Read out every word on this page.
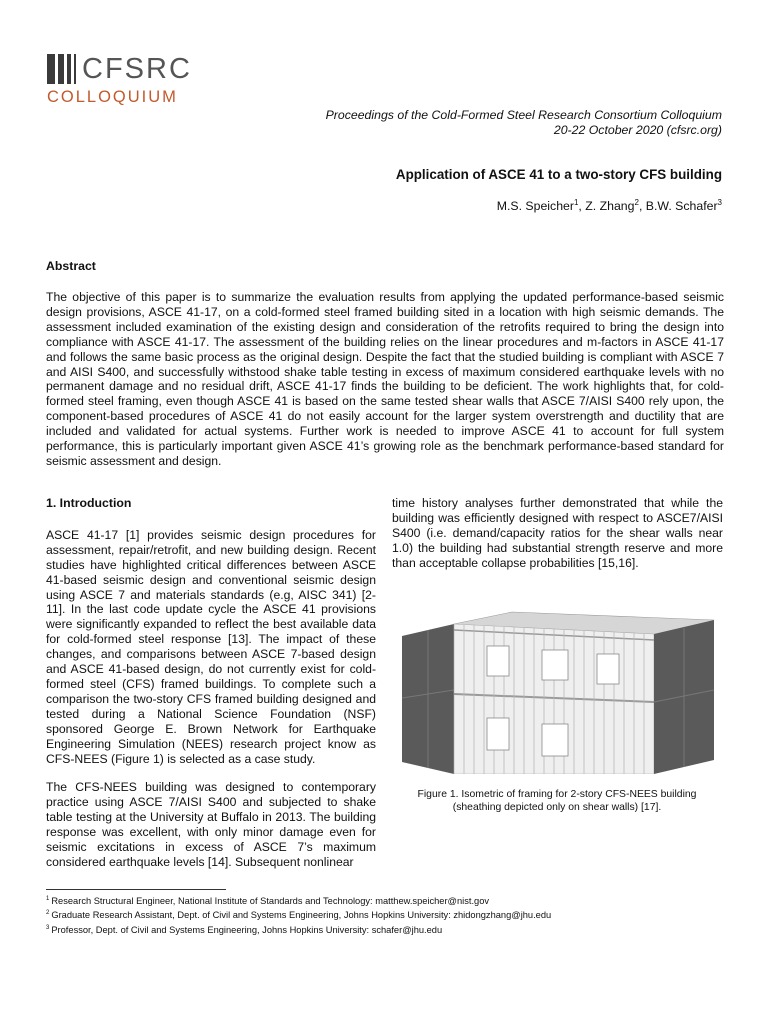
CFSRC
COLLOQUIUM
Proceedings of the Cold-Formed Steel Research Consortium Colloquium
20-22 October 2020 (cfsrc.org)
Application of ASCE 41 to a two-story CFS building
M.S. Speicher$^1$, Z. Zhang$^2$, B.W. Schafer$^3$
Abstract

The objective of this paper is to summarize the evaluation results from applying the updated performance-based seismic design provisions, ASCE 41-17, on a cold-formed steel framed building sited in a location with high seismic demands. The assessment included examination of the existing design and consideration of the retrofits required to bring the design into compliance with ASCE 41-17. The assessment of the building relies on the linear procedures and m-factors in ASCE 41-17 and follows the same basic process as the original design. Despite the fact that the studied building is compliant with ASCE 7 and AISI S400, and successfully withstood shake table testing in excess of maximum considered earthquake levels with no permanent damage and no residual drift, ASCE 41-17 finds the building to be deficient. The work highlights that, for cold-formed steel framing, even though ASCE 41 is based on the same tested shear walls that ASCE 7/AISI S400 rely upon, the component-based procedures of ASCE 41 do not easily account for the larger system overstrength and ductility that are included and validated for actual systems. Further work is needed to improve ASCE 41 to account for full system performance, this is particularly important given ASCE 41’s growing role as the benchmark performance-based standard for seismic assessment and design.

1. Introduction

ASCE 41-17 [1] provides seismic design procedures for assessment, repair/retrofit, and new building design. Recent studies have highlighted critical differences between ASCE 41-based seismic design and conventional seismic design using ASCE 7 and materials standards (e.g, AISC 341) [2-11]. In the last code update cycle the ASCE 41 provisions were significantly expanded to reflect the best available data for cold-formed steel response [13]. The impact of these changes, and comparisons between ASCE 7-based design and ASCE 41-based design, do not currently exist for cold-formed steel (CFS) framed buildings. To complete such a comparison the two-story CFS framed building designed and tested during a National Science Foundation (NSF) sponsored George E. Brown Network for Earthquake Engineering Simulation (NEES) research project know as CFS-NEES (Figure 1) is selected as a case study.

The CFS-NEES building was designed to contemporary practice using ASCE 7/AISI S400 and subjected to shake table testing at the University at Buffalo in 2013. The building response was excellent, with only minor damage even for seismic excitations in excess of ASCE 7’s maximum considered earthquake levels [14]. Subsequent nonlinear

time history analyses further demonstrated that while the building was efficiently designed with respect to ASCE7/AISI S400 (i.e. demand/capacity ratios for the shear walls near 1.0) the building had substantial strength reserve and more than acceptable collapse probabilities [15,16].

Figure 1. Isometric of framing for 2-story CFS-NEES building (sheathing depicted only on shear walls) [17].
$^1$ Research Structural Engineer, National Institute of Standards and Technology: matthew.speicher@nist.gov
$^2$ Graduate Research Assistant, Dept. of Civil and Systems Engineering, Johns Hopkins University: zhidongzhang@jhu.edu
$^3$ Professor, Dept. of Civil and Systems Engineering, Johns Hopkins University: schafer@jhu.edu
